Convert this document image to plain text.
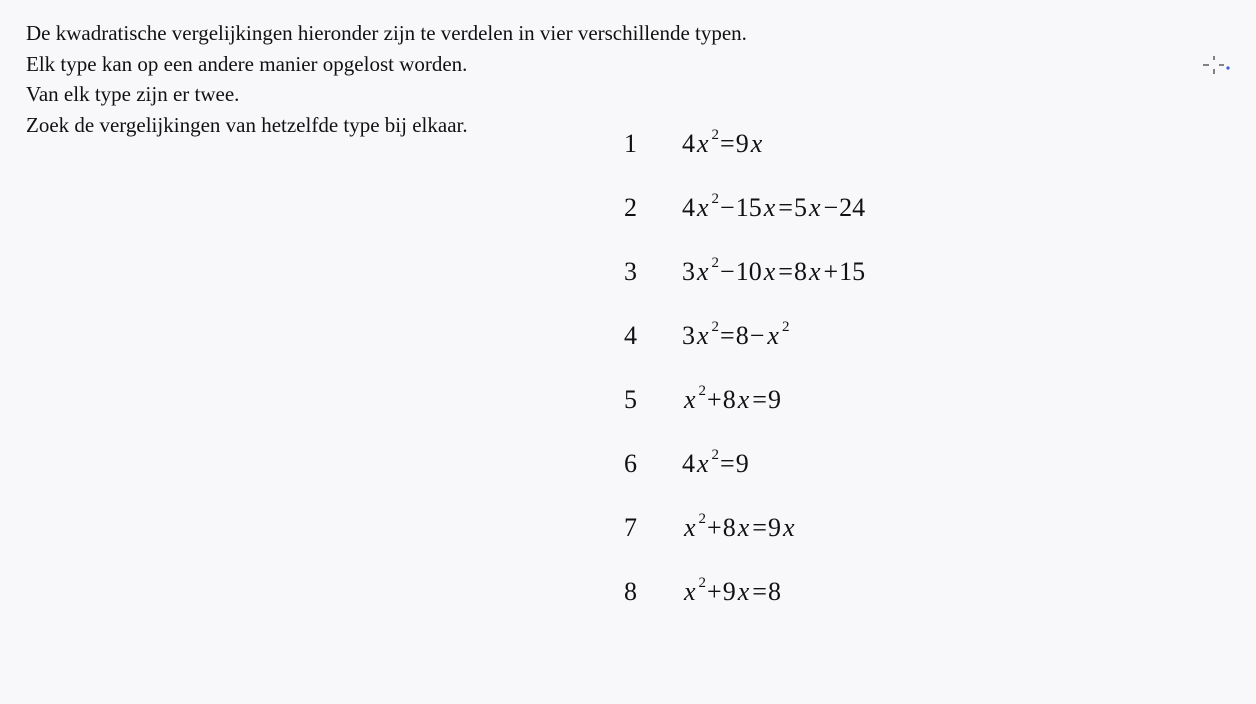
De kwadratische vergelijkingen hieronder zijn te verdelen in vier verschillende typen.

Elk type kan op een andere manier opgelost worden.

Van elk type zijn er twee.

Zoek de vergelijkingen van hetzelfde type bij elkaar.

1 4x $^2$=9x
2 4x $^2$−15x =5x −24
3 3x $^2$−10x =8x +15
4 3x $^2$=8− x $^2$
5 x $^2$+8x =9
6 4x $^2$=9
7 x $^2$+8x =9x
8 x $^2$+9x =8
